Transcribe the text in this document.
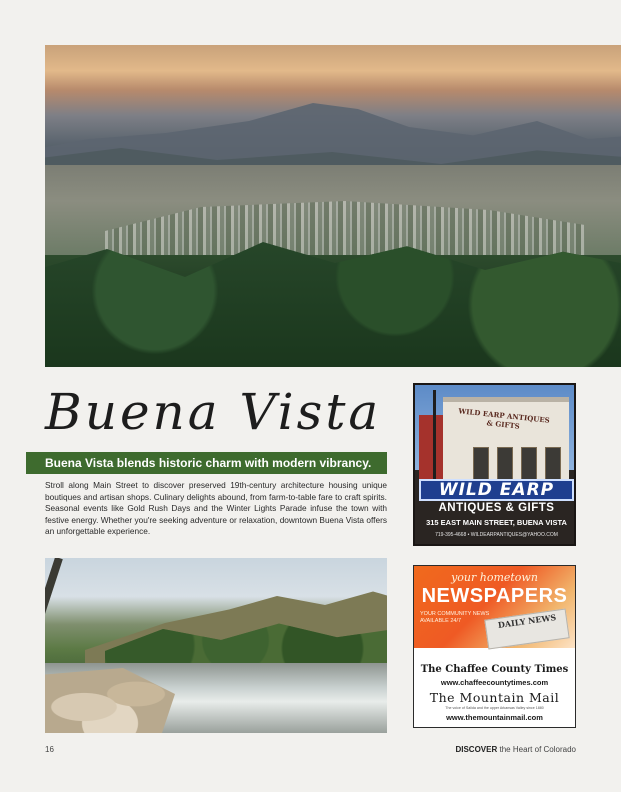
Buena Vista
Buena Vista blends historic charm with modern vibrancy.
Stroll along Main Street to discover preserved 19th-century architecture housing unique boutiques and artisan shops. Culinary delights abound, from farm-to-table fare to craft spirits. Seasonal events like Gold Rush Days and the Winter Lights Parade infuse the town with festive energy. Whether you're seeking adventure or relaxation, downtown Buena Vista offers an unforgettable experience.
WILD EARP ANTIQUES & GIFTS
WILD EARP
ANTIQUES & GIFTS
315 EAST MAIN STREET, BUENA VISTA
719-395-4668 • WILDEARPANTIQUES@YAHOO.COM
your hometown
NEWSPAPERS
YOUR COMMUNITY NEWS AVAILABLE 24/7	DAILY NEWS
The Chaffee County Times
www.chaffeecountytimes.com
The Mountain Mail
The voice of Salida and the upper Arkansas Valley since 1880
www.themountainmail.com
16	DISCOVER the Heart of Colorado
